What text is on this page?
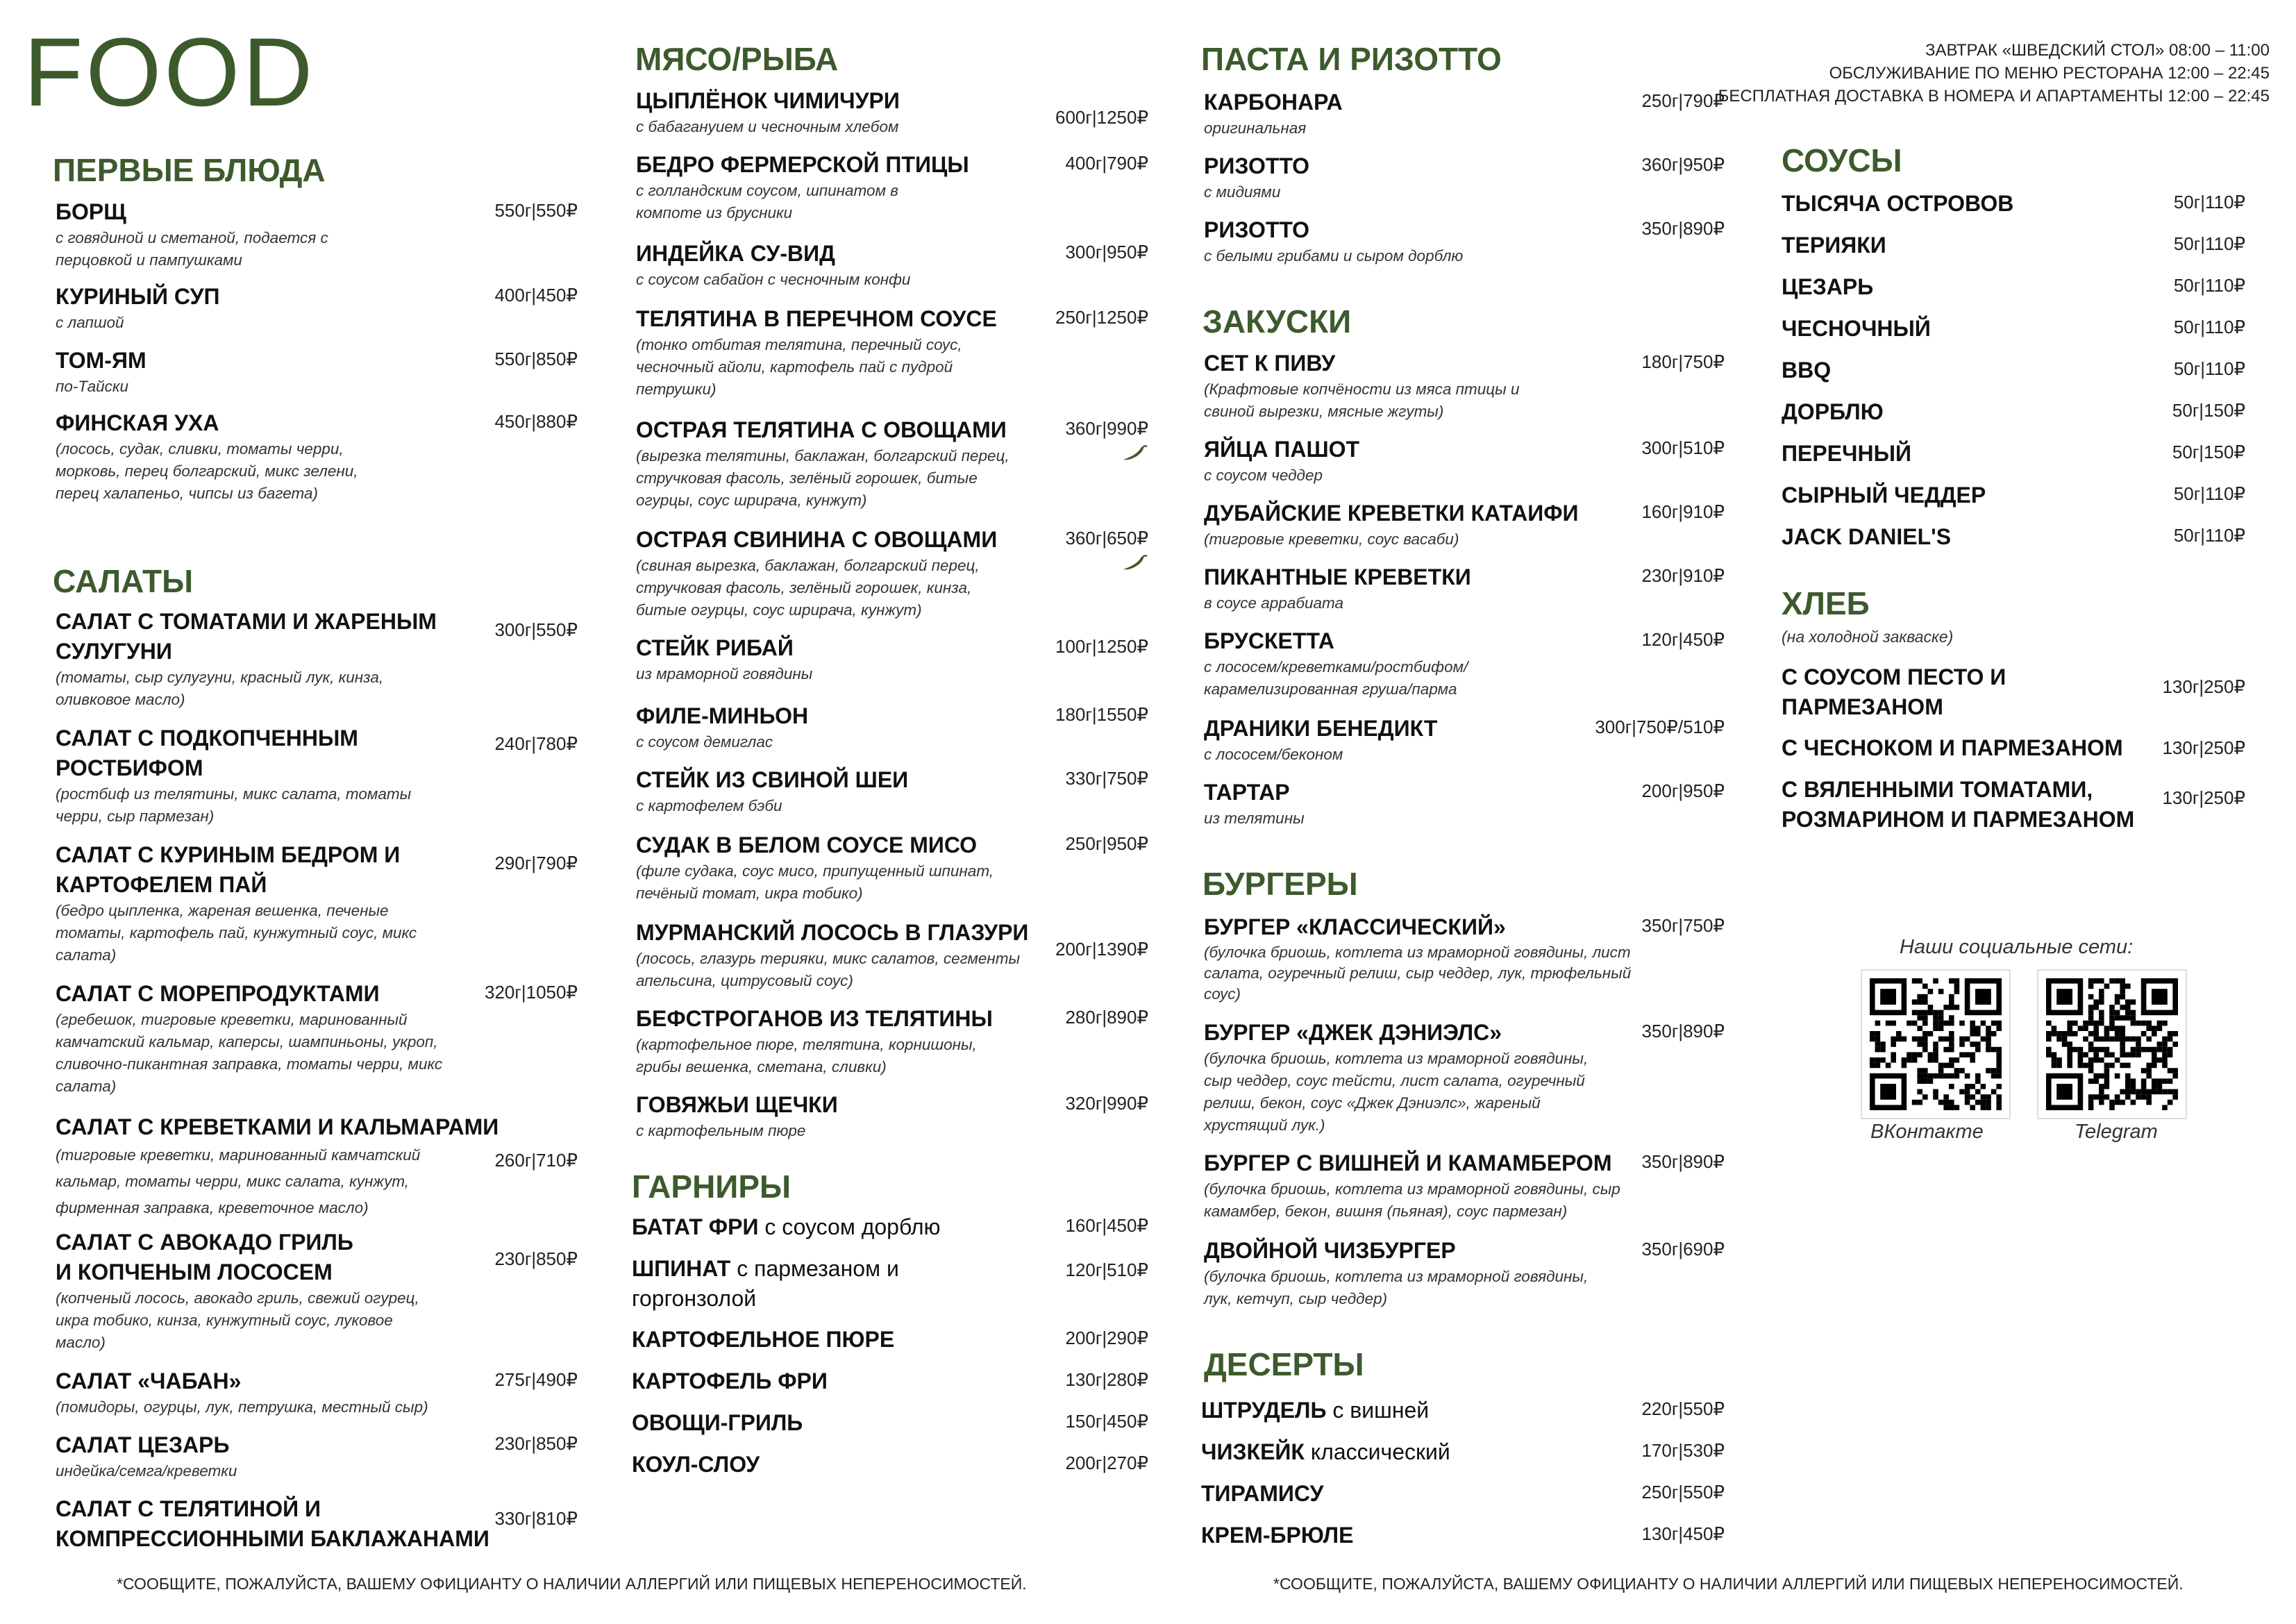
FOOD	ЗАВТРАК «ШВЕДСКИЙ СТОЛ» 08:00 – 11:00
ОБСЛУЖИВАНИЕ ПО МЕНЮ РЕСТОРАНА 12:00 – 22:45
БЕСПЛАТНАЯ ДОСТАВКА В НОМЕРА И АПАРТАМЕНТЫ 12:00 – 22:45
ПЕРВЫЕ БЛЮДА
БОРЩ
с говядиной и сметаной, подается с перцовкой и пампушками
550г|550₽
КУРИНЫЙ СУП
с лапшой
400г|450₽
ТОМ-ЯМ
по-Тайски
550г|850₽
ФИНСКАЯ УХА
(лосось, судак, сливки, томаты черри, морковь, перец болгарский, микс зелени, перец халапеньо, чипсы из багета)
450г|880₽
САЛАТЫ
САЛАТ С ТОМАТАМИ И ЖАРЕНЫМ СУЛУГУНИ
(томаты, сыр сулугуни, красный лук, кинза, оливковое масло)
300г|550₽
САЛАТ С ПОДКОПЧЕННЫМ РОСТБИФОМ
(ростбиф из телятины, микс салата, томаты черри, сыр пармезан)
240г|780₽
САЛАТ С КУРИНЫМ БЕДРОМ И КАРТОФЕЛЕМ ПАЙ
(бедро цыпленка, жареная вешенка, печеные томаты, картофель пай, кунжутный соус, микс салата)
290г|790₽
САЛАТ С МОРЕПРОДУКТАМИ
(гребешок, тигровые креветки, маринованный камчатский кальмар, каперсы, шампиньоны, укроп, сливочно-пикантная заправка, томаты черри, микс салата)
320г|1050₽
САЛАТ С КРЕВЕТКАМИ И КАЛЬМАРАМИ
(тигровые креветки, маринованный камчатский кальмар, томаты черри, микс салата, кунжут, фирменная заправка, креветочное масло)
260г|710₽
САЛАТ С АВОКАДО ГРИЛЬ И КОПЧЕНЫМ ЛОСОСЕМ
(копченый лосось, авокадо гриль, свежий огурец, икра тобико, кинза, кунжутный соус, луковое масло)
230г|850₽
САЛАТ «ЧАБАН»
(помидоры, огурцы, лук, петрушка, местный сыр)
275г|490₽
САЛАТ ЦЕЗАРЬ
индейка/семга/креветки
230г|850₽
САЛАТ С ТЕЛЯТИНОЙ И КОМПРЕССИОННЫМИ БАКЛАЖАНАМИ
330г|810₽
МЯСО/РЫБА
ЦЫПЛЁНОК ЧИМИЧУРИ
с бабагануием и чесночным хлебом	600г|1250₽
БЕДРО ФЕРМЕРСКОЙ ПТИЦЫ
с голландским соусом, шпинатом в компоте из брусники
400г|790₽
ИНДЕЙКА СУ-ВИД
с соусом сабайон с чесночным конфи
300г|950₽
ТЕЛЯТИНА В ПЕРЕЧНОМ СОУСЕ
(тонко отбитая телятина, перечный соус, чесночный айоли, картофель пай с пудрой петрушки)
250г|1250₽
ОСТРАЯ ТЕЛЯТИНА С ОВОЩАМИ
(вырезка телятины, баклажан, болгарский перец, стручковая фасоль, зелёный горошек, битые огурцы, соус шрирача, кунжут)
360г|990₽
ОСТРАЯ СВИНИНА С ОВОЩАМИ
(свиная вырезка, баклажан, болгарский перец, стручковая фасоль, зелёный горошек, кинза, битые огурцы, соус шрирача, кунжут)
360г|650₽
СТЕЙК РИБАЙ
из мраморной говядины
100г|1250₽
ФИЛЕ-МИНЬОН
с соусом демиглас
180г|1550₽
СТЕЙК ИЗ СВИНОЙ ШЕИ
с картофелем бэби
330г|750₽
СУДАК В БЕЛОМ СОУСЕ МИСО
(филе судака, соус мисо, припущенный шпинат, печёный томат, икра тобико)
250г|950₽
МУРМАНСКИЙ ЛОСОСЬ В ГЛАЗУРИ
(лосось, глазурь терияки, микс салатов, сегменты апельсина, цитрусовый соус)
200г|1390₽
БЕФСТРОГАНОВ ИЗ ТЕЛЯТИНЫ
(картофельное пюре, телятина, корнишоны, грибы вешенка, сметана, сливки)
280г|890₽
ГОВЯЖЬИ ЩЕЧКИ
с картофельным пюре
320г|990₽
ГАРНИРЫ
БАТАТ ФРИ с соусом дорблю	160г|450₽
ШПИНАТ с пармезаном и горгонзолой
120г|510₽
КАРТОФЕЛЬНОЕ ПЮРЕ	200г|290₽
КАРТОФЕЛЬ ФРИ	130г|280₽
ОВОЩИ-ГРИЛЬ	150г|450₽
КОУЛ-СЛОУ	200г|270₽
ПАСТА И РИЗОТТО
КАРБОНАРА
оригинальная
250г|790₽
РИЗОТТО
с мидиями
360г|950₽
РИЗОТТО
с белыми грибами и сыром дорблю
350г|890₽
ЗАКУСКИ
СЕТ К ПИВУ
(Крафтовые копчёности из мяса птицы и свиной вырезки, мясные жгуты)
180г|750₽
ЯЙЦА ПАШОТ
с соусом чеддер
300г|510₽
ДУБАЙСКИЕ КРЕВЕТКИ КАТАИФИ
(тигровые креветки, соус васаби)
160г|910₽
ПИКАНТНЫЕ КРЕВЕТКИ
в соусе аррабиата
230г|910₽
БРУСКЕТТА
с лососем/креветками/ростбифом/ карамелизированная груша/парма
120г|450₽
ДРАНИКИ БЕНЕДИКТ
с лососем/беконом
300г|750₽/510₽
ТАРТАР
из телятины
200г|950₽
БУРГЕРЫ
БУРГЕР «КЛАССИЧЕСКИЙ»
(булочка бриошь, котлета из мраморной говядины, лист салата, огуречный релиш, сыр чеддер, лук, трюфельный соус)
350г|750₽
БУРГЕР «ДЖЕК ДЭНИЭЛС»
(булочка бриошь, котлета из мраморной говядины, сыр чеддер, соус тейсти, лист салата, огуречный релиш, бекон, соус «Джек Дэниэлс», жареный хрустящий лук.)
350г|890₽
БУРГЕР С ВИШНЕЙ И КАМАМБЕРОМ
(булочка бриошь, котлета из мраморной говядины, сыр камамбер, бекон, вишня (пьяная), соус пармезан)
350г|890₽
ДВОЙНОЙ ЧИЗБУРГЕР
(булочка бриошь, котлета из мраморной говядины, лук, кетчуп, сыр чеддер)
350г|690₽
ДЕСЕРТЫ
ШТРУДЕЛЬ с вишней	220г|550₽
ЧИЗКЕЙК классический	170г|530₽
ТИРАМИСУ	250г|550₽
КРЕМ-БРЮЛЕ	130г|450₽
СОУСЫ
ТЫСЯЧА ОСТРОВОВ	50г|110₽
ТЕРИЯКИ	50г|110₽
ЦЕЗАРЬ	50г|110₽
ЧЕСНОЧНЫЙ	50г|110₽
BBQ	50г|110₽
ДОРБЛЮ	50г|150₽
ПЕРЕЧНЫЙ	50г|150₽
СЫРНЫЙ ЧЕДДЕР	50г|110₽
JACK DANIEL'S	50г|110₽
ХЛЕБ
(на холодной закваске)
С СОУСОМ ПЕСТО И ПАРМЕЗАНОМ
130г|250₽
С ЧЕСНОКОМ И ПАРМЕЗАНОМ	130г|250₽
С ВЯЛЕННЫМИ ТОМАТАМИ, РОЗМАРИНОМ И ПАРМЕЗАНОМ
130г|250₽
Наши социальные сети:
ВКонтакте	Telegram
*СООБЩИТЕ, ПОЖАЛУЙСТА, ВАШЕМУ ОФИЦИАНТУ О НАЛИЧИИ АЛЛЕРГИЙ ИЛИ ПИЩЕВЫХ НЕПЕРЕНОСИМОСТЕЙ.	*СООБЩИТЕ, ПОЖАЛУЙСТА, ВАШЕМУ ОФИЦИАНТУ О НАЛИЧИИ АЛЛЕРГИЙ ИЛИ ПИЩЕВЫХ НЕПЕРЕНОСИМОСТЕЙ.
